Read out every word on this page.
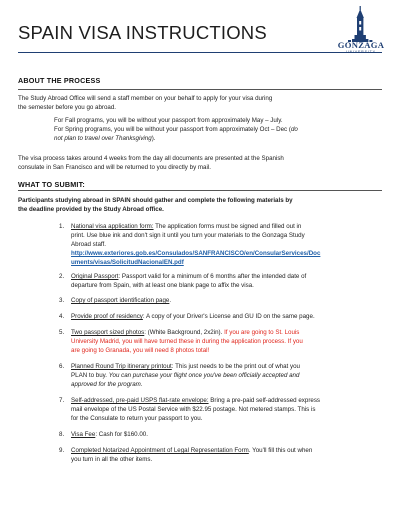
SPAIN VISA INSTRUCTIONS
GONZAGA
ABOUT THE PROCESS
The Study Abroad Office will send a staff member on your behalf to apply for your visa during
the semester before you go abroad.
For Fall programs, you will be without your passport from approximately May – July.
For Spring programs, you will be without your passport from approximately Oct – Dec (do
not plan to travel over Thanksgiving).
The visa process takes around 4 weeks from the day all documents are presented at the Spanish
consulate in San Francisco and will be returned to you directly by mail.
WHAT TO SUBMIT:
Participants studying abroad in SPAIN should gather and complete the following materials by
the deadline provided by the Study Abroad office.
1. National visa application form: The application forms must be signed and filled out in
print. Use blue ink and don't sign it until you turn your materials to the Gonzaga Study
Abroad staff.
http://www.exteriores.gob.es/Consulados/SANFRANCISCO/en/ConsularServices/Doc
uments/visas/SolicitudNacionalEN.pdf
2. Original Passport: Passport valid for a minimum of 6 months after the intended date of
departure from Spain, with at least one blank page to affix the visa.
3. Copy of passport identification page.
4. Provide proof of residency: A copy of your Driver's License and GU ID on the same page.
5. Two passport sized photos: (White Background, 2x2in). If you are going to St. Louis
University Madrid, you will have turned these in during the application process. If you
are going to Granada, you will need 8 photos total!
6. Planned Round Trip itinerary printout: This just needs to be the print out of what you
PLAN to buy. You can purchase your flight once you've been officially accepted and
approved for the program.
7. Self-addressed, pre-paid USPS flat-rate envelope: Bring a pre-paid self-addressed express
mail envelope of the US Postal Service with $22.95 postage. Not metered stamps. This is
for the Consulate to return your passport to you.
8. Visa Fee: Cash for $160.00.
9. Completed Notarized Appointment of Legal Representation Form. You'll fill this out when
you turn in all the other items.
